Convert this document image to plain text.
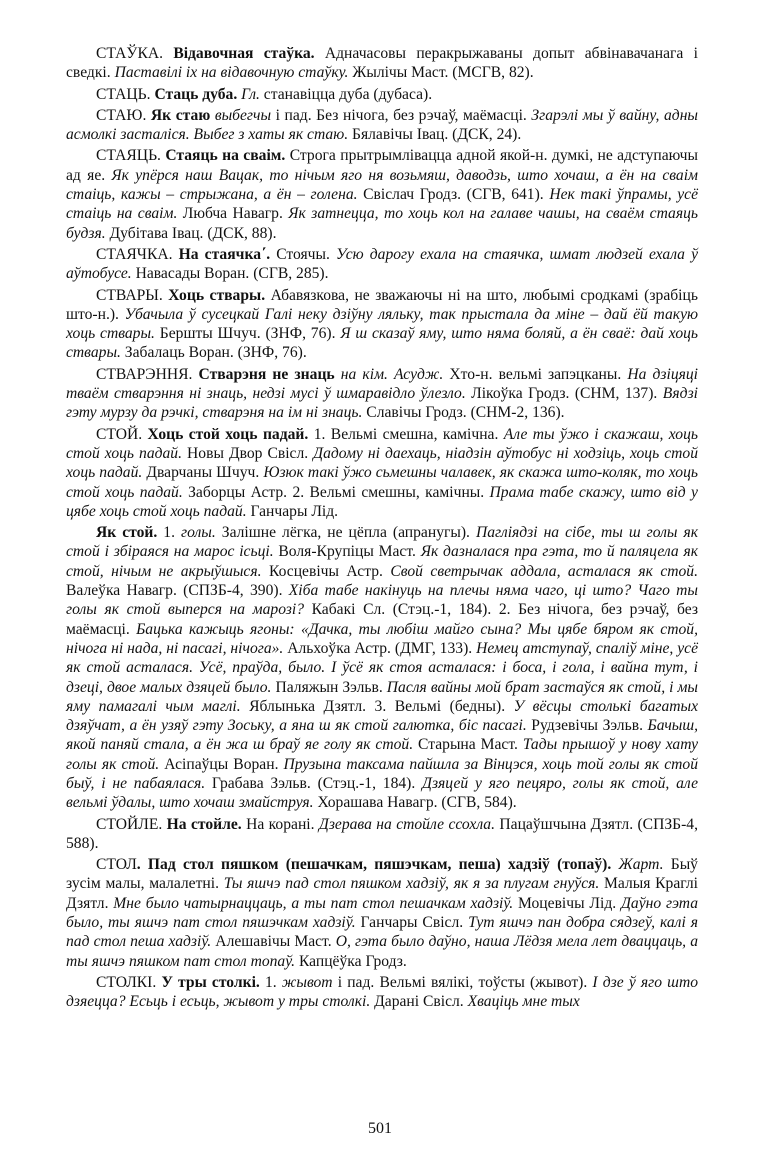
СТАЎКА. Відавочная стаўка. Адначасовы перакрыжаваны допыт абвінавачанага і сведкі. Паставілі іх на відавочную стаўку. Жылічы Маст. (МСГВ, 82).

СТАЦЬ. Стаць дуба. Гл. станавіцца дуба (дубаса).

СТАЮ. Як стаю выбегчы і пад. Без нічога, без рэчаў, маёмасці. Згарэлі мы ў вайну, адны асмолкі засталіся. Выбег з хаты як стаю. Бялавічы Івац. (ДСК, 24).

СТАЯЦЬ. Стаяць на сваім. Строга прытрымлівацца адной якой-н. думкі, не адступаючы ад яе. Як упёрся наш Вацак, то нічым яго ня возьмяш, даводзь, што хочаш, а ён на сваім стаіць, кажы – стрыжана, а ён – голена. Свіслач Гродз. (СГВ, 641). Нек такі ўпрамы, усё стаіць на сваім. Любча Навагр. Як затнецца, то хоць кол на галаве чашы, на сваём стаяць будзя. Дубітава Івац. (ДСК, 88).

СТАЯЧКА. На стаячка΄. Стоячы. Усю дарогу ехала на стаячка, шмат людзей ехала ў аўтобусе. Навасады Воран. (СГВ, 285).

СТВАРЫ. Хоць ствары. Абавязкова, не зважаючы ні на што, любымі сродкамі (зрабіць што-н.). Убачыла ў сусецкай Галі неку дзіўну ляльку, так прыстала да міне – дай ёй такую хоць ствары. Бершты Шчуч. (ЗНФ, 76). Я ш сказаў яму, што няма боляй, а ён сваё: дай хоць ствары. Забалаць Воран. (ЗНФ, 76).

СТВАРЭННЯ. Стварэня не знаць на кім. Асудж. Хто-н. вельмі запэцканы. На дзіцяці тваём стварэння ні знаць, недзі мусі ў шмаравідло ўлезло. Лікоўка Гродз. (СНМ, 137). Вядзі гэту мурзу да рэчкі, стварэня на ім ні знаць. Славічы Гродз. (СНМ-2, 136).

СТОЙ. Хоць стой хоць падай. 1. Вельмі смешна, камічна. Але ты ўжо і скажаш, хоць стой хоць падай. Новы Двор Свісл. Дадому ні даехаць, ніадзін аўтобус ні ходзіць, хоць стой хоць падай. Дварчаны Шчуч. Юзюк такі ўжо сьмешны чалавек, як скажа што-коляк, то хоць стой хоць падай. Заборцы Астр. 2. Вельмі смешны, камічны. Прама табе скажу, што від у цябе хоць стой хоць падай. Ганчары Лід.

Як стой. 1. голы. Залішне лёгка, не цёпла (апранугы). Пагліядзі на сібе, ты ш голы як стой і збіраяся на марос ісьці. Воля-Крупіцы Маст. Як дазналася пра гэта, то й паляцела як стой, нічым не акрыўшыся. Косцевічы Астр. Свой светрычак аддала, асталася як стой. Валеўка Навагр. (СПЗБ-4, 390). Хіба табе накінуць на плечы няма чаго, ці што? Чаго ты голы як стой выперся на марозі? Кабакі Сл. (Стэц.-1, 184). 2. Без нічога, без рэчаў, без маёмасці. Бацька кажыць ягоны: «Дачка, ты любіш майго сына? Мы цябе бяром як стой, нічога ні нада, ні пасагі, нічога». Альхоўка Астр. (ДМГ, 133). Немец атступаў, спаліў міне, усё як стой асталася. Усё, праўда, было. І ўсё як стоя асталася: і боса, і гола, і вайна тут, і дзеці, двое малых дзяцей было. Паляжын Зэльв. Пасля вайны мой брат застаўся як стой, і мы яму памагалі чым маглі. Яблынька Дзятл. 3. Вельмі (бедны). У вёсцы столькі багатых дзяўчат, а ён узяў гэту Зоську, а яна ш як стой галютка, біс пасагі. Рудзевічы Зэльв. Бачыш, якой паняй стала, а ён жа ш браў яе голу як стой. Старына Маст. Тады прышоў у нову хату голы як стой. Асіпаўцы Воран. Прузына таксама пайшла за Вінцэся, хоць той голы як стой быў, і не пабаялася. Грабава Зэльв. (Стэц.-1, 184). Дзяцей у яго пецяро, голы як стой, але вельмі ўдалы, што хочаш змайструя. Хорашава Навагр. (СГВ, 584).

СТОЙЛЕ. На стойле. На корані. Дзерава на стойле ссохла. Пацаўшчына Дзятл. (СПЗБ-4, 588).

СТОЛ. Пад стол пяшком (пешачкам, пяшэчкам, пеша) хадзіў (топаў). Жарт. Быў зусім малы, малалетні. Ты яшчэ пад стол пяшком хадзіў, як я за плугам гнуўся. Малыя Краглі Дзятл. Мне было чатырнаццаць, а ты пат стол пешачкам хадзіў. Моцевічы Лід. Даўно гэта было, ты яшчэ пат стол пяшэчкам хадзіў. Ганчары Свісл. Тут яшчэ пан добра сядзеў, калі я пад стол пеша хадзіў. Алешавічы Маст. О, гэта было даўно, наша Лёдзя мела лет дваццаць, а ты яшчэ пяшком пат стол топаў. Капцёўка Гродз.

СТОЛКІ. У тры столкі. 1. жывот і пад. Вельмі вялікі, тоўсты (жывот). І дзе ў яго што дзяецца? Есьць і есьць, жывот у тры столкі. Дарані Свісл. Хваціць мне тых

501
